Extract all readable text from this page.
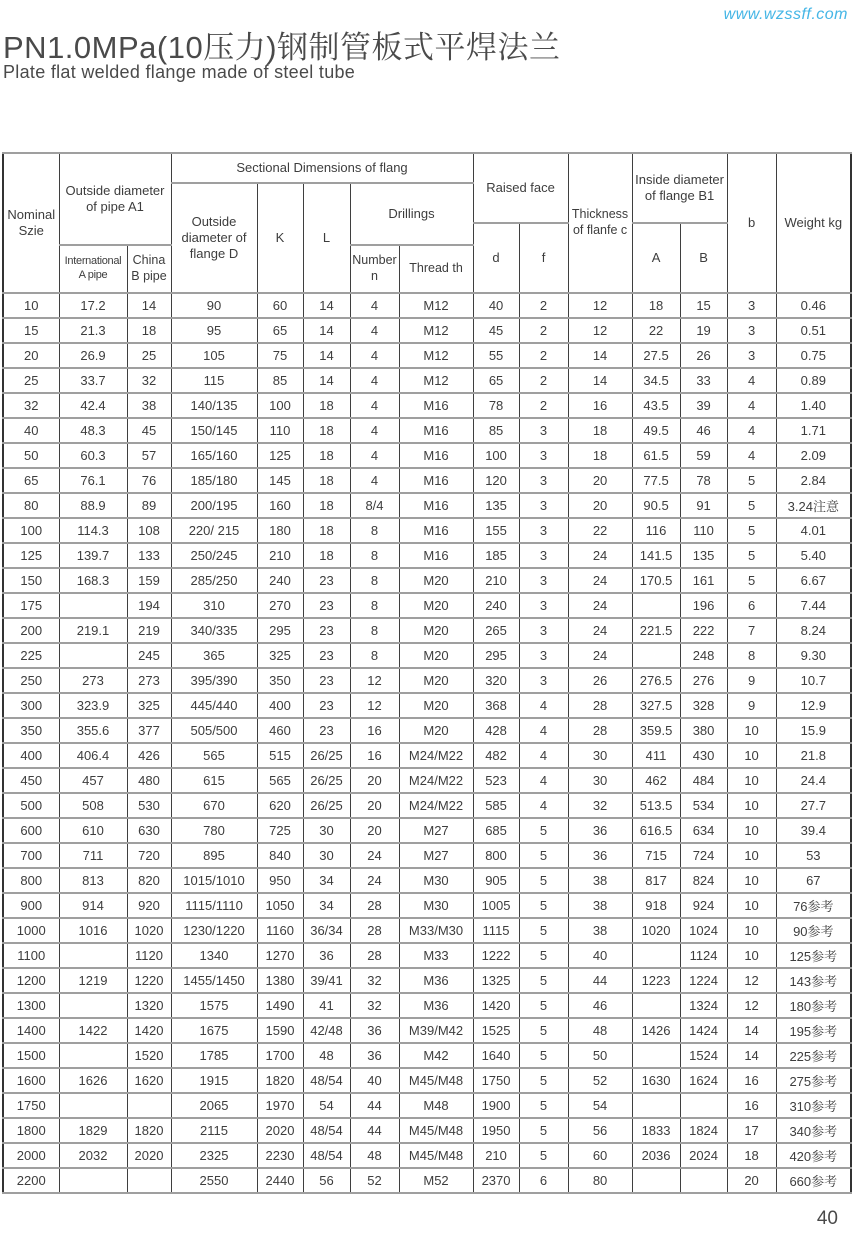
www.wzssff.com
PN1.0MPa(10压力)钢制管板式平焊法兰
Plate flat welded flange made of steel tube
Nominal Szie	Outside diameter of pipe A1		Sectional Dimensions of flang					Raised face		Thickness of flanfe c	Inside diameter of flange B1		b	Weight kg
			Outside diameter of flange D	K	L	Drillings								
								d	f		A	B		
	International A pipe	China B pipe				Number n	Thread th							
10	17.2	14	90	60	14	4	M12	40	2	12	18	15	3	0.46
15	21.3	18	95	65	14	4	M12	45	2	12	22	19	3	0.51
20	26.9	25	105	75	14	4	M12	55	2	14	27.5	26	3	0.75
25	33.7	32	115	85	14	4	M12	65	2	14	34.5	33	4	0.89
32	42.4	38	140/135	100	18	4	M16	78	2	16	43.5	39	4	1.40
40	48.3	45	150/145	110	18	4	M16	85	3	18	49.5	46	4	1.71
50	60.3	57	165/160	125	18	4	M16	100	3	18	61.5	59	4	2.09
65	76.1	76	185/180	145	18	4	M16	120	3	20	77.5	78	5	2.84
80	88.9	89	200/195	160	18	8/4	M16	135	3	20	90.5	91	5	3.24注意
100	114.3	108	220/ 215	180	18	8	M16	155	3	22	116	110	5	4.01
125	139.7	133	250/245	210	18	8	M16	185	3	24	141.5	135	5	5.40
150	168.3	159	285/250	240	23	8	M20	210	3	24	170.5	161	5	6.67
175		194	310	270	23	8	M20	240	3	24		196	6	7.44
200	219.1	219	340/335	295	23	8	M20	265	3	24	221.5	222	7	8.24
225		245	365	325	23	8	M20	295	3	24		248	8	9.30
250	273	273	395/390	350	23	12	M20	320	3	26	276.5	276	9	10.7
300	323.9	325	445/440	400	23	12	M20	368	4	28	327.5	328	9	12.9
350	355.6	377	505/500	460	23	16	M20	428	4	28	359.5	380	10	15.9
400	406.4	426	565	515	26/25	16	M24/M22	482	4	30	411	430	10	21.8
450	457	480	615	565	26/25	20	M24/M22	523	4	30	462	484	10	24.4
500	508	530	670	620	26/25	20	M24/M22	585	4	32	513.5	534	10	27.7
600	610	630	780	725	30	20	M27	685	5	36	616.5	634	10	39.4
700	711	720	895	840	30	24	M27	800	5	36	715	724	10	53
800	813	820	1015/1010	950	34	24	M30	905	5	38	817	824	10	67
900	914	920	1115/1110	1050	34	28	M30	1005	5	38	918	924	10	76参考
1000	1016	1020	1230/1220	1160	36/34	28	M33/M30	1115	5	38	1020	1024	10	90参考
1100		1120	1340	1270	36	28	M33	1222	5	40		1124	10	125参考
1200	1219	1220	1455/1450	1380	39/41	32	M36	1325	5	44	1223	1224	12	143参考
1300		1320	1575	1490	41	32	M36	1420	5	46		1324	12	180参考
1400	1422	1420	1675	1590	42/48	36	M39/M42	1525	5	48	1426	1424	14	195参考
1500		1520	1785	1700	48	36	M42	1640	5	50		1524	14	225参考
1600	1626	1620	1915	1820	48/54	40	M45/M48	1750	5	52	1630	1624	16	275参考
1750			2065	1970	54	44	M48	1900	5	54			16	310参考
1800	1829	1820	2115	2020	48/54	44	M45/M48	1950	5	56	1833	1824	17	340参考
2000	2032	2020	2325	2230	48/54	48	M45/M48	210	5	60	2036	2024	18	420参考
2200			2550	2440	56	52	M52	2370	6	80			20	660参考
40
